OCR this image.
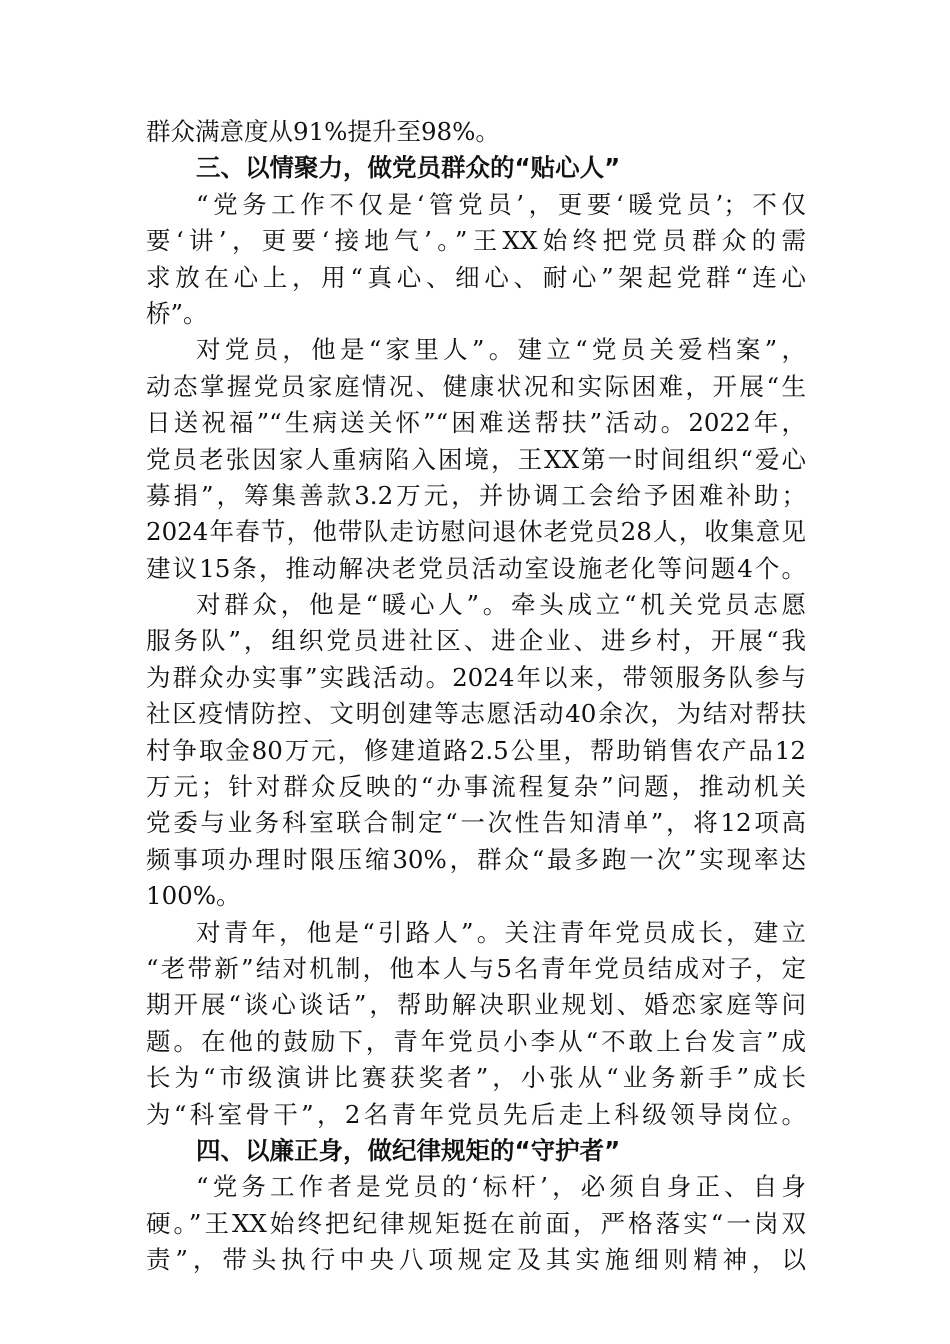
群众满意度从91%提升至98%。
三、以情聚力，做党员群众的“贴心人”
“党务工作不仅是‘管党员’，更要‘暖党员’；不仅
要‘讲’，更要‘接地气’。”王XX始终把党员群众的需
求放在心上，用“真心、细心、耐心”架起党群“连心
桥”。
对党员，他是“家里人”。建立“党员关爱档案”，
动态掌握党员家庭情况、健康状况和实际困难，开展“生
日送祝福”“生病送关怀”“困难送帮扶”活动。2022年，
党员老张因家人重病陷入困境，王XX第一时间组织“爱心
募捐”，筹集善款3.2万元，并协调工会给予困难补助；
2024年春节，他带队走访慰问退休老党员28人，收集意见
建议15条，推动解决老党员活动室设施老化等问题4个。
对群众，他是“暖心人”。牵头成立“机关党员志愿
服务队”，组织党员进社区、进企业、进乡村，开展“我
为群众办实事”实践活动。2024年以来，带领服务队参与
社区疫情防控、文明创建等志愿活动40余次，为结对帮扶
村争取金80万元，修建道路2.5公里，帮助销售农产品12
万元；针对群众反映的“办事流程复杂”问题，推动机关
党委与业务科室联合制定“一次性告知清单”，将12项高
频事项办理时限压缩30%，群众“最多跑一次”实现率达
100%。
对青年，他是“引路人”。关注青年党员成长，建立
“老带新”结对机制，他本人与5名青年党员结成对子，定
期开展“谈心谈话”，帮助解决职业规划、婚恋家庭等问
题。在他的鼓励下，青年党员小李从“不敢上台发言”成
长为“市级演讲比赛获奖者”，小张从“业务新手”成长
为“科室骨干”，2名青年党员先后走上科级领导岗位。
四、以廉正身，做纪律规矩的“守护者”
“党务工作者是党员的‘标杆’，必须自身正、自身
硬。”王XX始终把纪律规矩挺在前面，严格落实“一岗双
责”，带头执行中央八项规定及其实施细则精神，以
